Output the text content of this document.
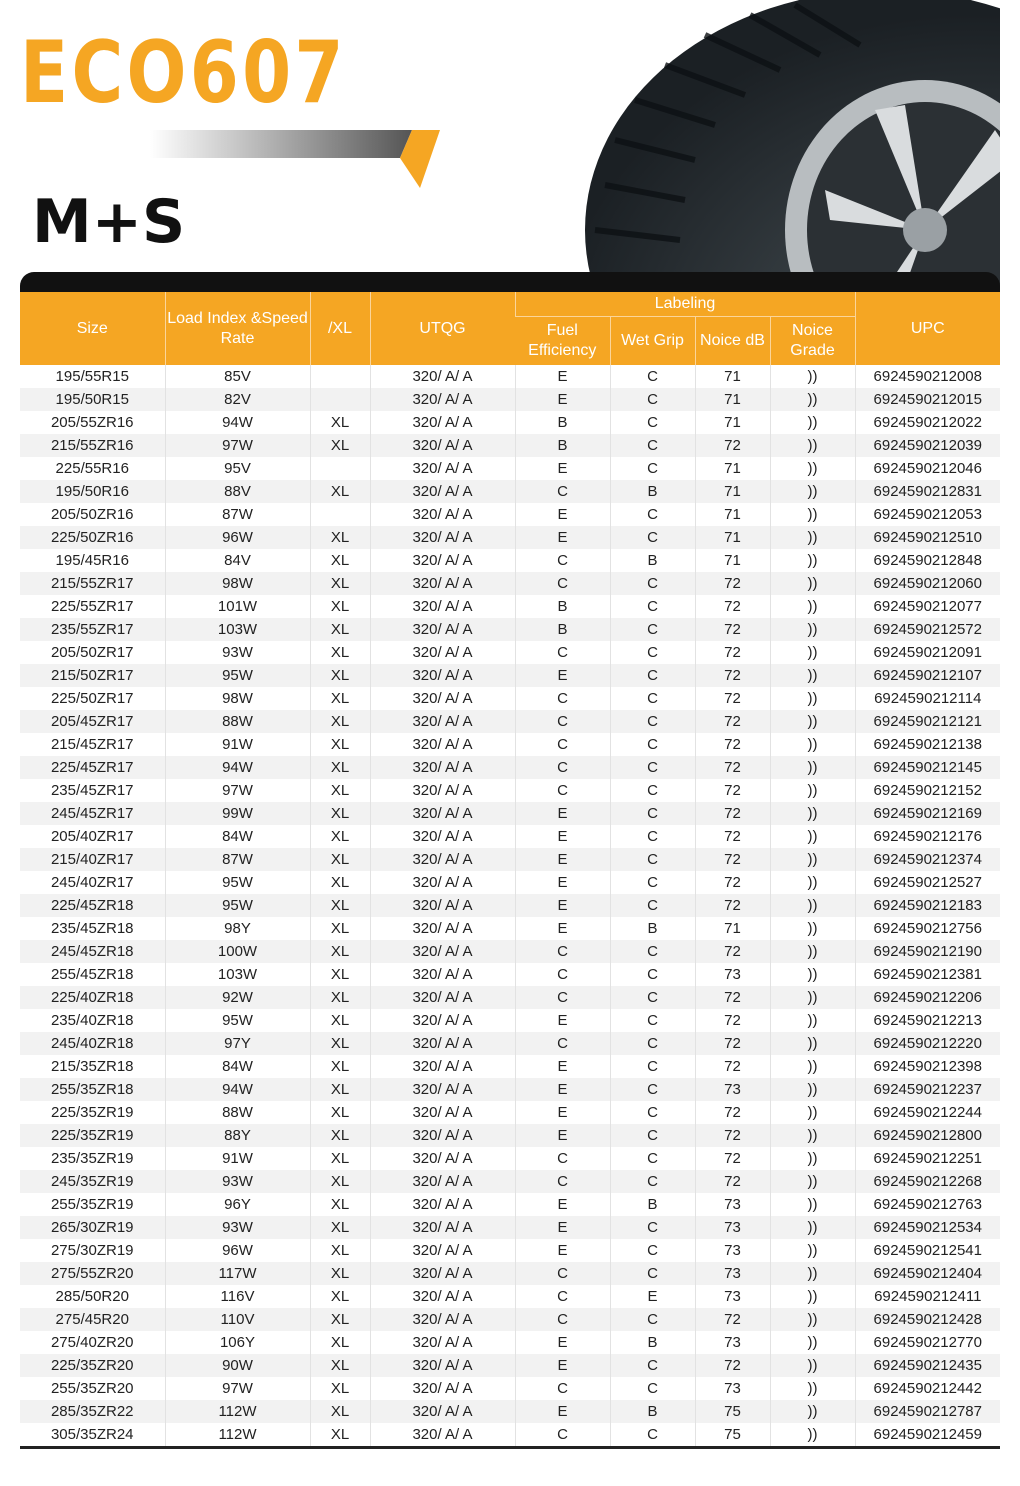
ECO607
M+S
Size	Load Index &Speed Rate	/XL	UTQG	Labeling				UPC
				Fuel Efficiency	Wet Grip	Noice dB	Noice Grade	
195/55R15	85V		320/ A/ A	E	C	71	))	6924590212008
195/50R15	82V		320/ A/ A	E	C	71	))	6924590212015
205/55ZR16	94W	XL	320/ A/ A	B	C	71	))	6924590212022
215/55ZR16	97W	XL	320/ A/ A	B	C	72	))	6924590212039
225/55R16	95V		320/ A/ A	E	C	71	))	6924590212046
195/50R16	88V	XL	320/ A/ A	C	B	71	))	6924590212831
205/50ZR16	87W		320/ A/ A	E	C	71	))	6924590212053
225/50ZR16	96W	XL	320/ A/ A	E	C	71	))	6924590212510
195/45R16	84V	XL	320/ A/ A	C	B	71	))	6924590212848
215/55ZR17	98W	XL	320/ A/ A	C	C	72	))	6924590212060
225/55ZR17	101W	XL	320/ A/ A	B	C	72	))	6924590212077
235/55ZR17	103W	XL	320/ A/ A	B	C	72	))	6924590212572
205/50ZR17	93W	XL	320/ A/ A	C	C	72	))	6924590212091
215/50ZR17	95W	XL	320/ A/ A	E	C	72	))	6924590212107
225/50ZR17	98W	XL	320/ A/ A	C	C	72	))	6924590212114
205/45ZR17	88W	XL	320/ A/ A	C	C	72	))	6924590212121
215/45ZR17	91W	XL	320/ A/ A	C	C	72	))	6924590212138
225/45ZR17	94W	XL	320/ A/ A	C	C	72	))	6924590212145
235/45ZR17	97W	XL	320/ A/ A	C	C	72	))	6924590212152
245/45ZR17	99W	XL	320/ A/ A	E	C	72	))	6924590212169
205/40ZR17	84W	XL	320/ A/ A	E	C	72	))	6924590212176
215/40ZR17	87W	XL	320/ A/ A	E	C	72	))	6924590212374
245/40ZR17	95W	XL	320/ A/ A	E	C	72	))	6924590212527
225/45ZR18	95W	XL	320/ A/ A	E	C	72	))	6924590212183
235/45ZR18	98Y	XL	320/ A/ A	E	B	71	))	6924590212756
245/45ZR18	100W	XL	320/ A/ A	C	C	72	))	6924590212190
255/45ZR18	103W	XL	320/ A/ A	C	C	73	))	6924590212381
225/40ZR18	92W	XL	320/ A/ A	C	C	72	))	6924590212206
235/40ZR18	95W	XL	320/ A/ A	E	C	72	))	6924590212213
245/40ZR18	97Y	XL	320/ A/ A	C	C	72	))	6924590212220
215/35ZR18	84W	XL	320/ A/ A	E	C	72	))	6924590212398
255/35ZR18	94W	XL	320/ A/ A	E	C	73	))	6924590212237
225/35ZR19	88W	XL	320/ A/ A	E	C	72	))	6924590212244
225/35ZR19	88Y	XL	320/ A/ A	E	C	72	))	6924590212800
235/35ZR19	91W	XL	320/ A/ A	C	C	72	))	6924590212251
245/35ZR19	93W	XL	320/ A/ A	C	C	72	))	6924590212268
255/35ZR19	96Y	XL	320/ A/ A	E	B	73	))	6924590212763
265/30ZR19	93W	XL	320/ A/ A	E	C	73	))	6924590212534
275/30ZR19	96W	XL	320/ A/ A	E	C	73	))	6924590212541
275/55ZR20	117W	XL	320/ A/ A	C	C	73	))	6924590212404
285/50R20	116V	XL	320/ A/ A	C	E	73	))	6924590212411
275/45R20	110V	XL	320/ A/ A	C	C	72	))	6924590212428
275/40ZR20	106Y	XL	320/ A/ A	E	B	73	))	6924590212770
225/35ZR20	90W	XL	320/ A/ A	E	C	72	))	6924590212435
255/35ZR20	97W	XL	320/ A/ A	C	C	73	))	6924590212442
285/35ZR22	112W	XL	320/ A/ A	E	B	75	))	6924590212787
305/35ZR24	112W	XL	320/ A/ A	C	C	75	))	6924590212459
